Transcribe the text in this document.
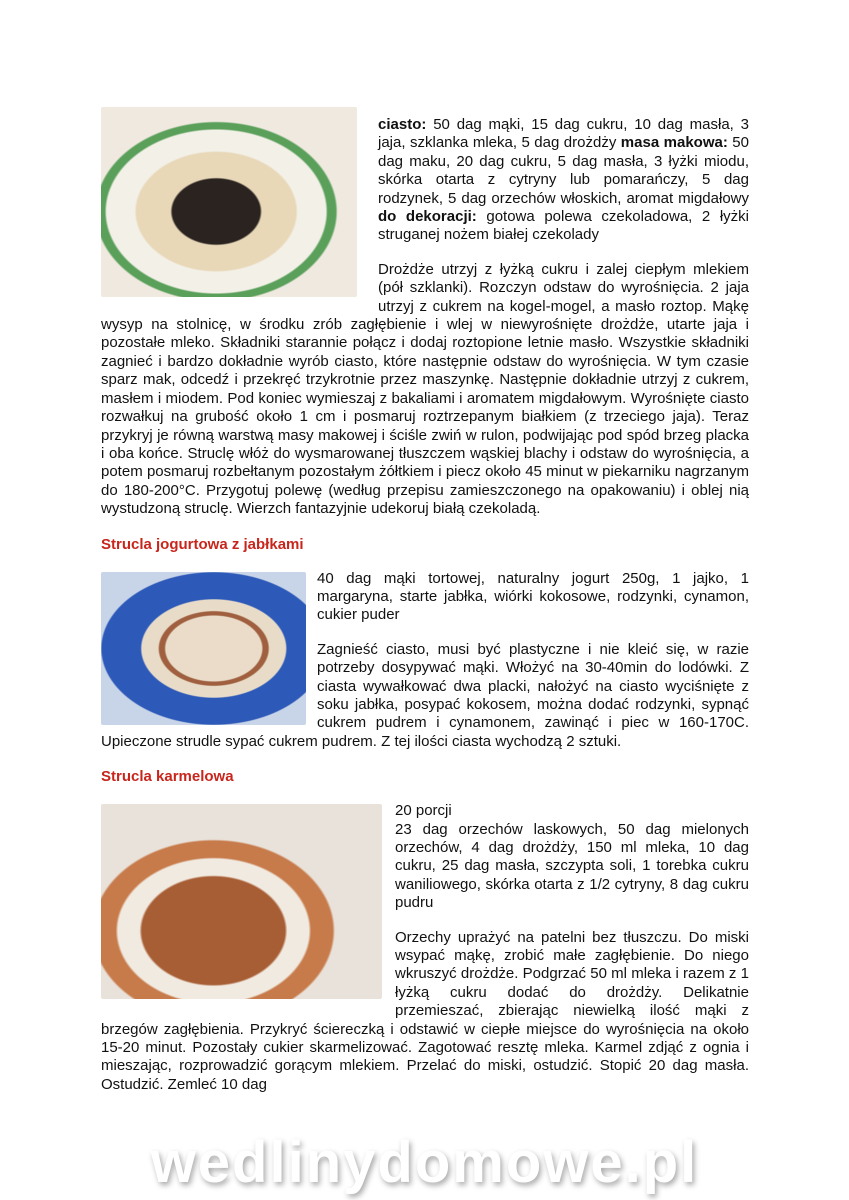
ciasto: 50 dag mąki, 15 dag cukru, 10 dag masła, 3 jaja, szklanka mleka, 5 dag drożdży masa makowa: 50 dag maku, 20 dag cukru, 5 dag masła, 3 łyżki miodu, skórka otarta z cytryny lub pomarańczy, 5 dag rodzynek, 5 dag orzechów włoskich, aromat migdałowy do dekoracji: gotowa polewa czekoladowa, 2 łyżki struganej nożem białej czekolady

Drożdże utrzyj z łyżką cukru i zalej ciepłym mlekiem (pół szklanki). Rozczyn odstaw do wyrośnięcia. 2 jaja utrzyj z cukrem na kogel-mogel, a masło roztop. Mąkę wysyp na stolnicę, w środku zrób zagłębienie i wlej w niewyrośnięte drożdże, utarte jaja i pozostałe mleko. Składniki starannie połącz i dodaj roztopione letnie masło. Wszystkie składniki zagnieć i bardzo dokładnie wyrób ciasto, które następnie odstaw do wyrośnięcia. W tym czasie sparz mak, odcedź i przekręć trzykrotnie przez maszynkę. Następnie dokładnie utrzyj z cukrem, masłem i miodem. Pod koniec wymieszaj z bakaliami i aromatem migdałowym. Wyrośnięte ciasto rozwałkuj na grubość około 1 cm i posmaruj roztrzepanym białkiem (z trzeciego jaja). Teraz przykryj je równą warstwą masy makowej i ściśle zwiń w rulon, podwijając pod spód brzeg placka i oba końce. Struclę włóż do wysmarowanej tłuszczem wąskiej blachy i odstaw do wyrośnięcia, a potem posmaruj rozbełtanym pozostałym żółtkiem i piecz około 45 minut w piekarniku nagrzanym do 180-200°C. Przygotuj polewę (według przepisu zamieszczonego na opakowaniu) i oblej nią wystudzoną struclę. Wierzch fantazyjnie udekoruj białą czekoladą.

Strucla jogurtowa z jabłkami

40 dag mąki tortowej, naturalny jogurt 250g, 1 jajko, 1 margaryna, starte jabłka, wiórki kokosowe, rodzynki, cynamon, cukier puder

Zagnieść ciasto, musi być plastyczne i nie kleić się, w razie potrzeby dosypywać mąki. Włożyć na 30-40min do lodówki. Z ciasta wywałkować dwa placki, nałożyć na ciasto wyciśnięte z soku jabłka, posypać kokosem, można dodać rodzynki, sypnąć cukrem pudrem i cynamonem, zawinąć i piec w 160-170C. Upieczone strudle sypać cukrem pudrem. Z tej ilości ciasta wychodzą 2 sztuki.

Strucla karmelowa

20 porcji
23 dag orzechów laskowych, 50 dag mielonych orzechów, 4 dag drożdży, 150 ml mleka, 10 dag cukru, 25 dag masła, szczypta soli, 1 torebka cukru waniliowego, skórka otarta z 1/2 cytryny, 8 dag cukru pudru

Orzechy uprażyć na patelni bez tłuszczu. Do miski wsypać mąkę, zrobić małe zagłębienie. Do niego wkruszyć drożdże. Podgrzać 50 ml mleka i razem z 1 łyżką cukru dodać do drożdży. Delikatnie przemieszać, zbierając niewielką ilość mąki z brzegów zagłębienia. Przykryć ściereczką i odstawić w ciepłe miejsce do wyrośnięcia na około 15-20 minut. Pozostały cukier skarmelizować. Zagotować resztę mleka. Karmel zdjąć z ognia i mieszając, rozprowadzić gorącym mlekiem. Przelać do miski, ostudzić. Stopić 20 dag masła. Ostudzić. Zemleć 10 dag

wedlinydomowe.pl
